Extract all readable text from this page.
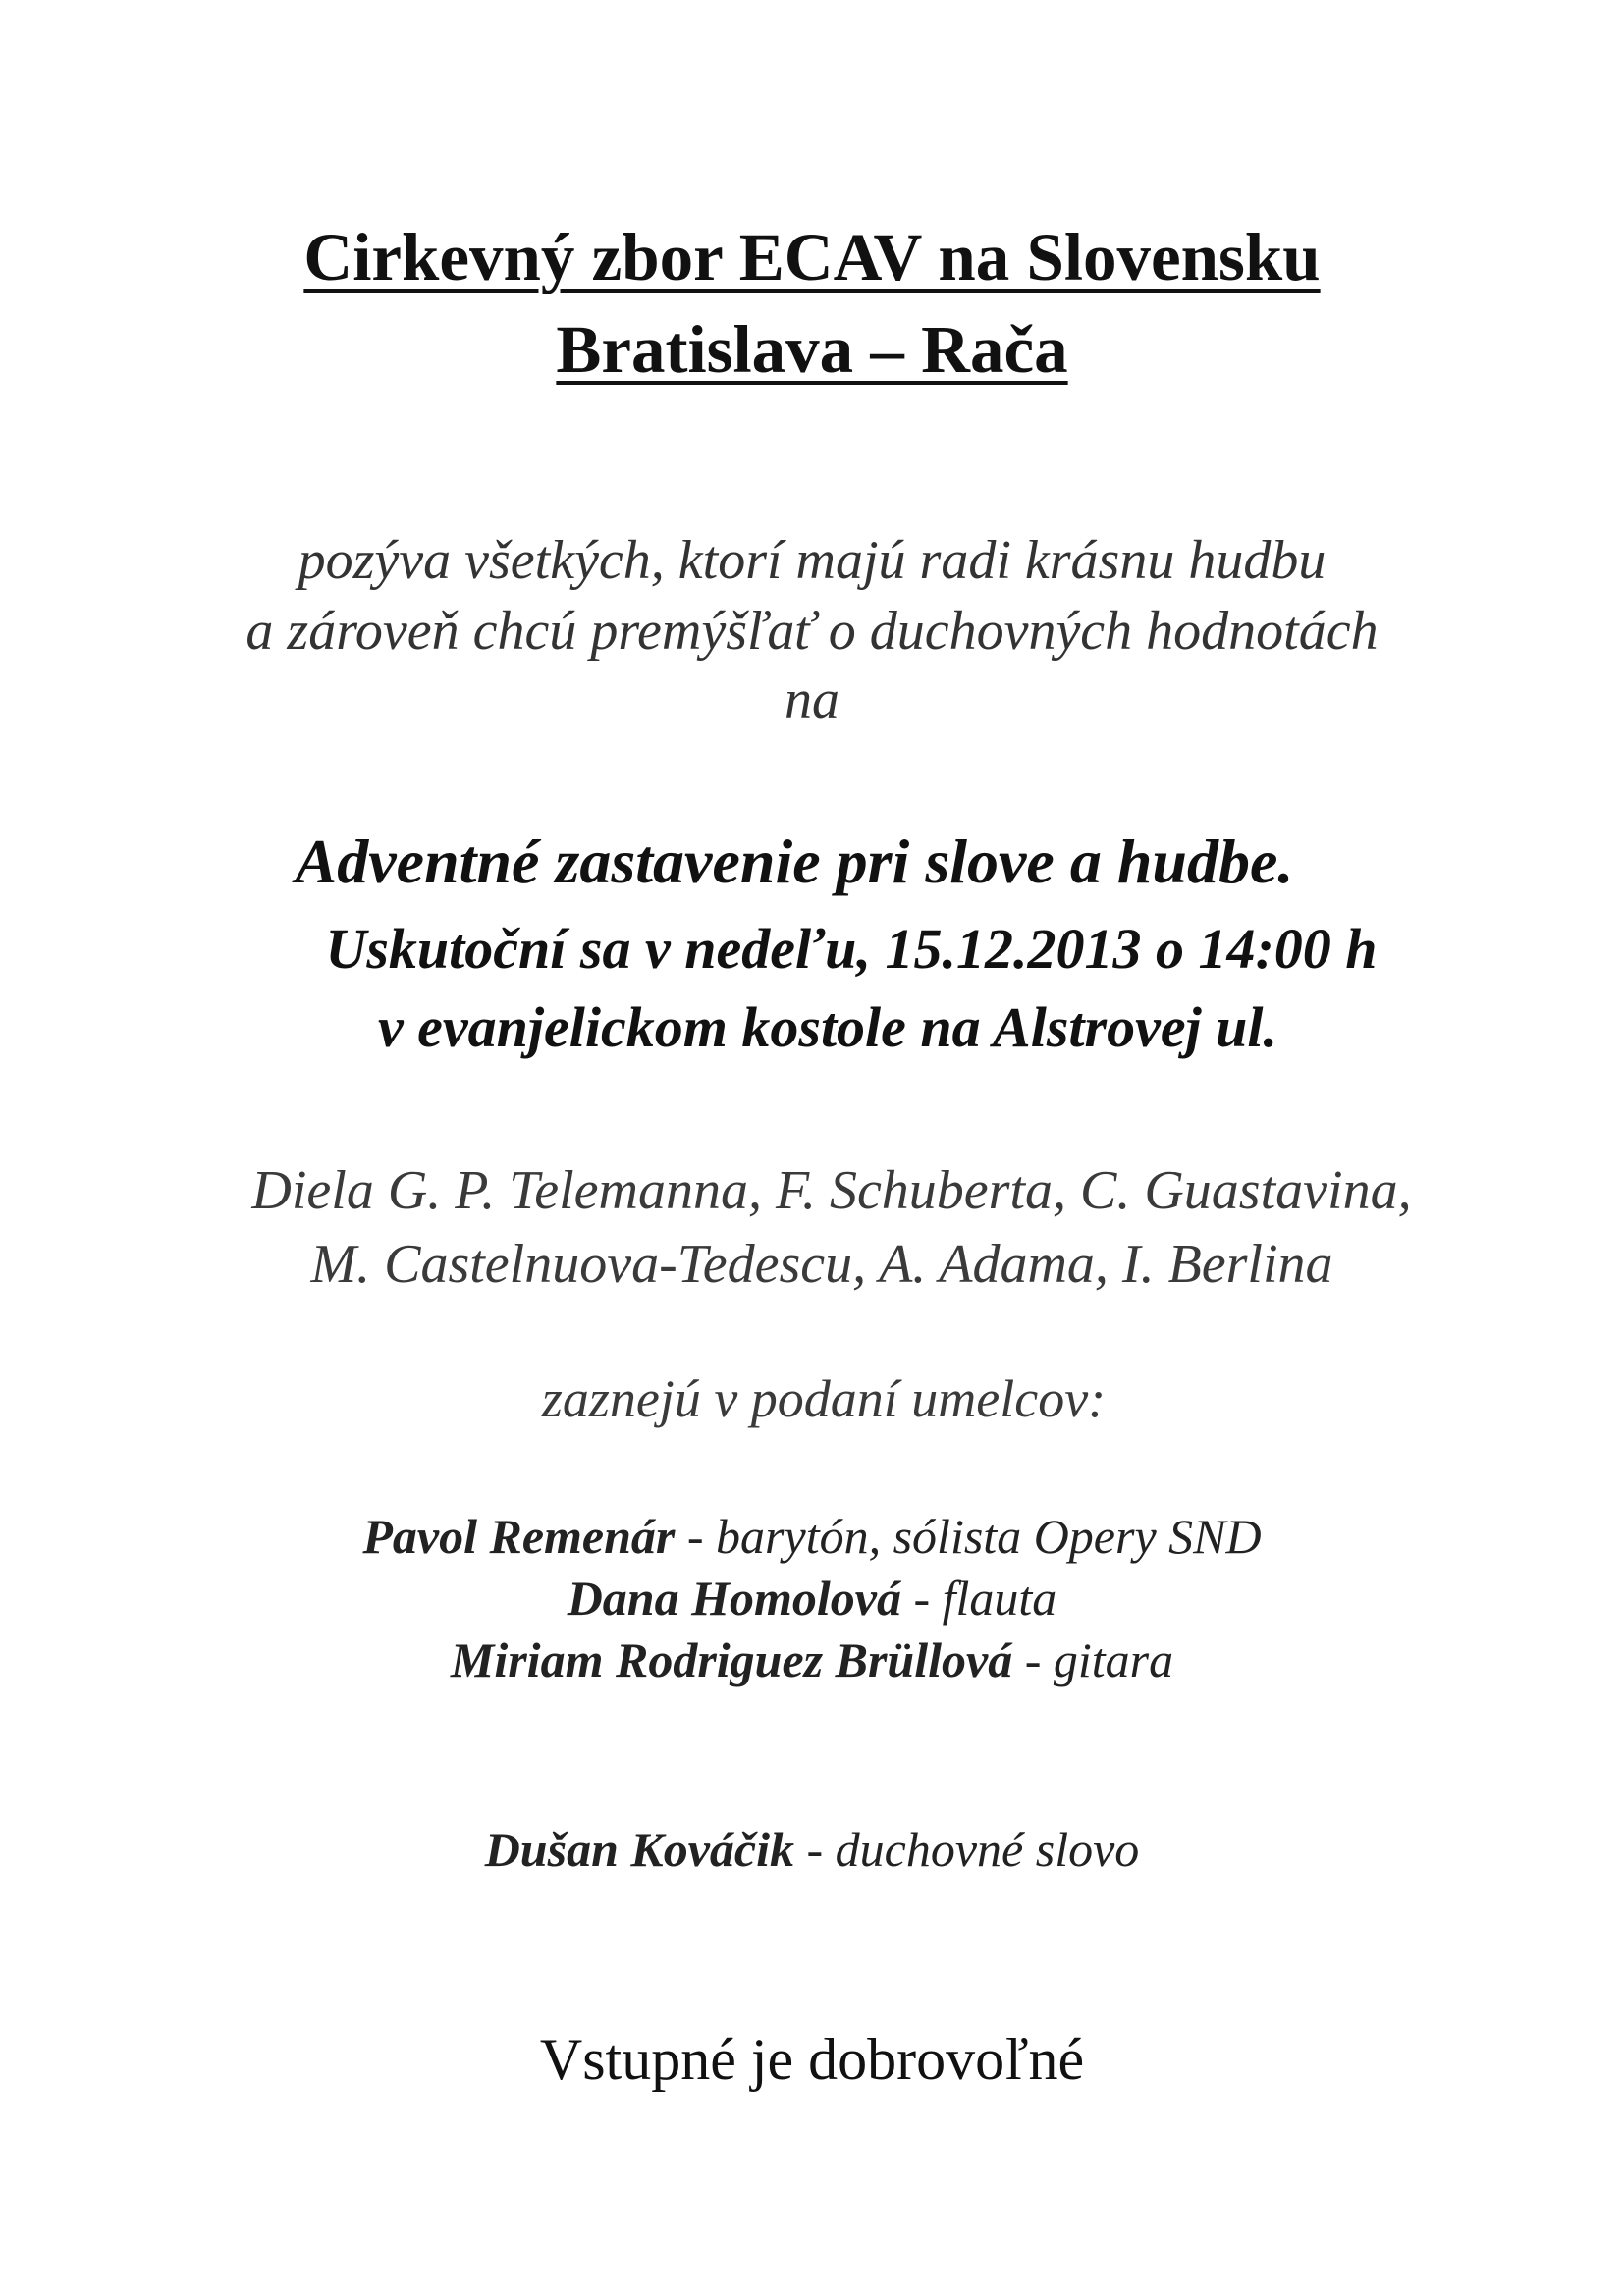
Cirkevný zbor ECAV na Slovensku
Bratislava – Rača
pozýva všetkých, ktorí majú radi krásnu hudbu
a zároveň chcú premýšľať o duchovných hodnotách
na
Adventné zastavenie pri slove a hudbe.
Uskutoční sa v nedeľu, 15.12.2013 o 14:00 h
v evanjelickom kostole na Alstrovej ul.
Diela G. P. Telemanna, F. Schuberta, C. Guastavina,
M. Castelnuova-Tedescu, A. Adama, I. Berlina
zaznejú v podaní umelcov:
Pavol Remenár - barytón, sólista Opery SND
Dana Homolová - flauta
Miriam Rodriguez Brüllová - gitara
Dušan Kováčik - duchovné slovo
Vstupné je dobrovoľné
